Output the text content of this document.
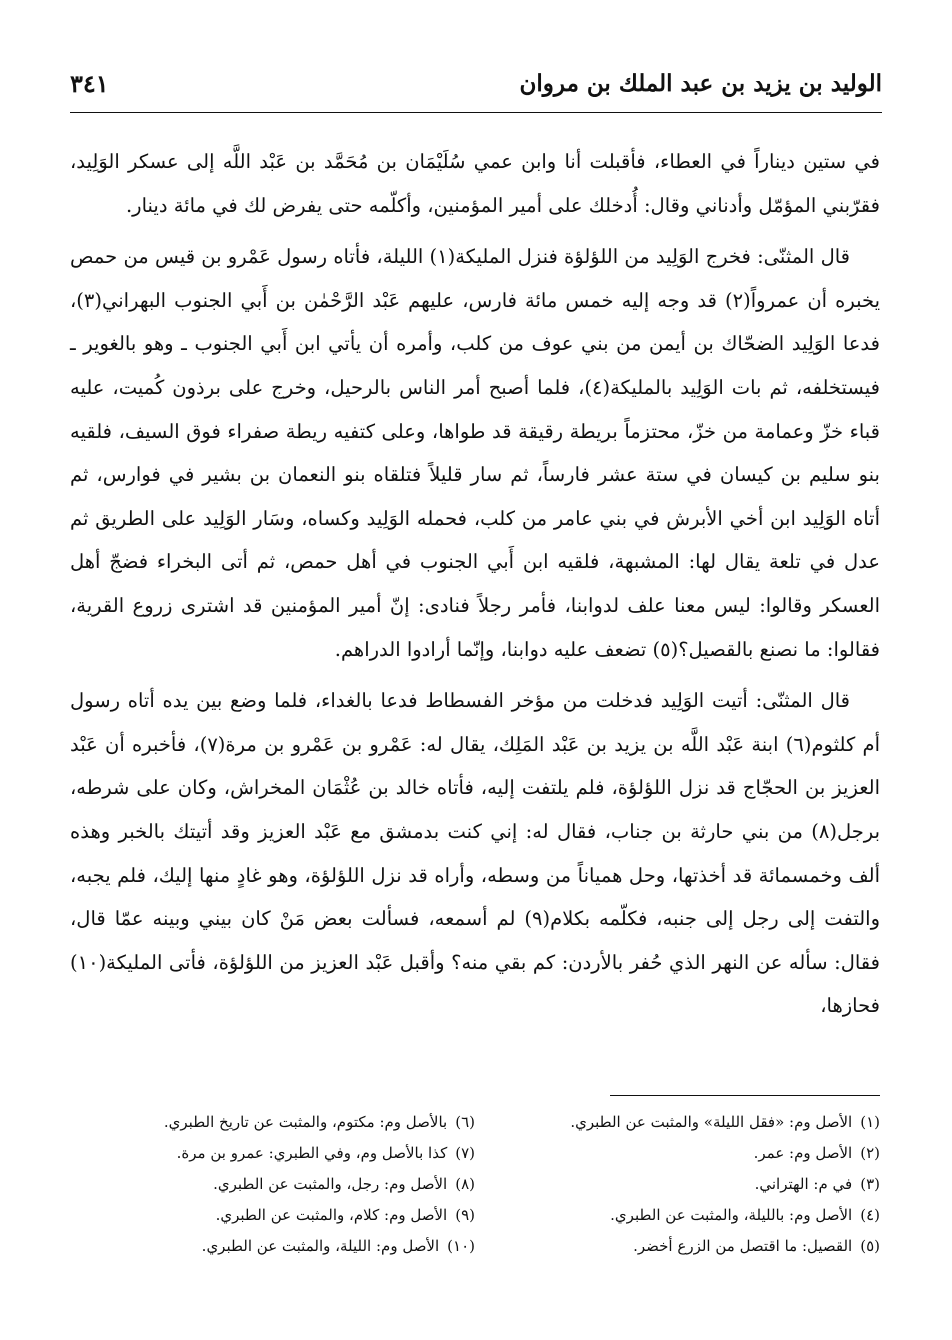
الوليد بن يزيد بن عبد الملك بن مروان
٣٤١

في ستين ديناراً في العطاء، فأقبلت أنا وابن عمي سُلَيْمَان بن مُحَمَّد بن عَبْد اللَّه إلى عسكر الوَلِيد، فقرّبني المؤمّل وأدناني وقال: أُدخلك على أمير المؤمنين، وأكلّمه حتى يفرض لك في مائة دينار.

قال المثنّى: فخرج الوَلِيد من اللؤلؤة فنزل المليكة(١) الليلة، فأتاه رسول عَمْرو بن قيس من حمص يخبره أن عمرواً(٢) قد وجه إليه خمس مائة فارس، عليهم عَبْد الرَّحْمٰن بن أَبي الجنوب البهراني(٣)، فدعا الوَلِيد الضحّاك بن أيمن من بني عوف من كلب، وأمره أن يأتي ابن أَبي الجنوب ـ وهو بالغوير ـ فيستخلفه، ثم بات الوَلِيد بالمليكة(٤)، فلما أصبح أمر الناس بالرحيل، وخرج على برذون كُميت، عليه قباء خزّ وعمامة من خزّ، محتزماً بريطة رقيقة قد طواها، وعلى كتفيه ريطة صفراء فوق السيف، فلقيه بنو سليم بن كيسان في ستة عشر فارساً، ثم سار قليلاً فتلقاه بنو النعمان بن بشير في فوارس، ثم أتاه الوَلِيد ابن أخي الأبرش في بني عامر من كلب، فحمله الوَلِيد وكساه، وسَار الوَلِيد على الطريق ثم عدل في تلعة يقال لها: المشبهة، فلقيه ابن أَبي الجنوب في أهل حمص، ثم أتى البخراء فضجّ أهل العسكر وقالوا: ليس معنا علف لدوابنا، فأمر رجلاً فنادى: إنّ أمير المؤمنين قد اشترى زروع القرية، فقالوا: ما نصنع بالقصيل؟(٥) تضعف عليه دوابنا، وإنّما أرادوا الدراهم.

قال المثنّى: أتيت الوَلِيد فدخلت من مؤخر الفسطاط فدعا بالغداء، فلما وضع بين يده أتاه رسول أم كلثوم(٦) ابنة عَبْد اللَّه بن يزيد بن عَبْد المَلِك، يقال له: عَمْرو بن عَمْرو بن مرة(٧)، فأخبره أن عَبْد العزيز بن الحجّاج قد نزل اللؤلؤة، فلم يلتفت إليه، فأتاه خالد بن عُثْمَان المخراش، وكان على شرطه، برجل(٨) من بني حارثة بن جناب، فقال له: إني كنت بدمشق مع عَبْد العزيز وقد أتيتك بالخبر وهذه ألف وخمسمائة قد أخذتها، وحل همياناً من وسطه، وأراه قد نزل اللؤلؤة، وهو غادٍ منها إليك، فلم يجبه، والتفت إلى رجل إلى جنبه، فكلّمه بكلام(٩) لم أسمعه، فسألت بعض مَنْ كان بيني وبينه عمّا قال، فقال: سأله عن النهر الذي حُفر بالأردن: كم بقي منه؟ وأقبل عَبْد العزيز من اللؤلؤة، فأتى المليكة(١٠) فحازها،

(١)الأصل وم: «فقل الليلة» والمثبت عن الطبري.
(٢)الأصل وم: عمر.
(٣)في م: الهتراني.
(٤)الأصل وم: بالليلة، والمثبت عن الطبري.
(٥)القصيل: ما اقتصل من الزرع أخضر.
(٦)بالأصل وم: مكتوم، والمثبت عن تاريخ الطبري.
(٧)كذا بالأصل وم، وفي الطبري: عمرو بن مرة.
(٨)الأصل وم: رجل، والمثبت عن الطبري.
(٩)الأصل وم: كلام، والمثبت عن الطبري.
(١٠)الأصل وم: الليلة، والمثبت عن الطبري.
